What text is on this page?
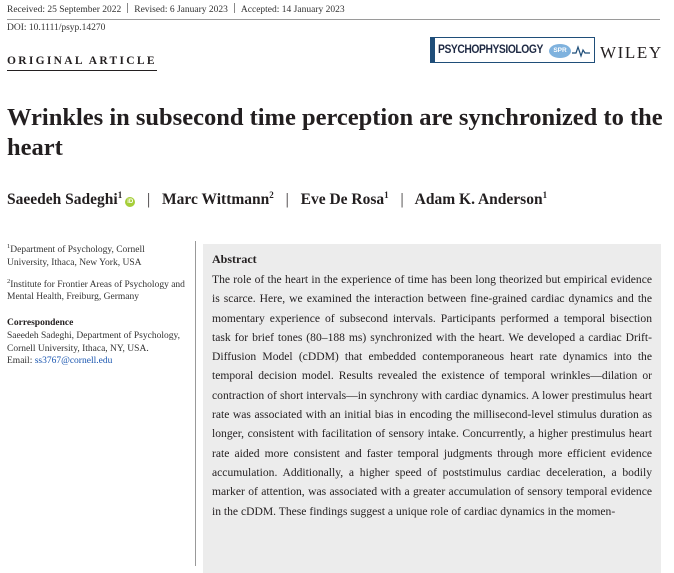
Received: 25 September 2022 Revised: 6 January 2023 Accepted: 14 January 2023
DOI: 10.1111/psyp.14270
ORIGINAL ARTICLE
PSYCHOPHYSIOLOGY	SPR WILEY
Wrinkles in subsecond time perception are synchronized to the heart
Saeedeh Sadeghi$^1$iD | Marc Wittmann$^2$ | Eve De Rosa$^1$ | Adam K. Anderson$^1$

$^1$Department of Psychology, Cornell University, Ithaca, New York, USA

$^2$Institute for Frontier Areas of Psychology and Mental Health, Freiburg, Germany

Correspondence

Saeedeh Sadeghi, Department of Psychology, Cornell University, Ithaca, NY, USA.

Email: ss3767@cornell.edu

Abstract

The role of the heart in the experience of time has been long theorized but empirical evidence is scarce. Here, we examined the interaction between fine-grained cardiac dynamics and the momentary experience of subsecond intervals. Participants performed a temporal bisection task for brief tones (80–188 ms) synchronized with the heart. We developed a cardiac Drift-Diffusion Model (cDDM) that embedded contemporaneous heart rate dynamics into the temporal decision model. Results revealed the existence of temporal wrinkles—dilation or contraction of short intervals—in synchrony with cardiac dynamics. A lower prestimulus heart rate was associated with an initial bias in encoding the millisecond-level stimulus duration as longer, consistent with facilitation of sensory intake. Concurrently, a higher prestimulus heart rate aided more consistent and faster temporal judgments through more efficient evidence accumulation. Additionally, a higher speed of poststimulus cardiac deceleration, a bodily marker of attention, was associated with a greater accumulation of sensory temporal evidence in the cDDM. These findings suggest a unique role of cardiac dynamics in the momen-
